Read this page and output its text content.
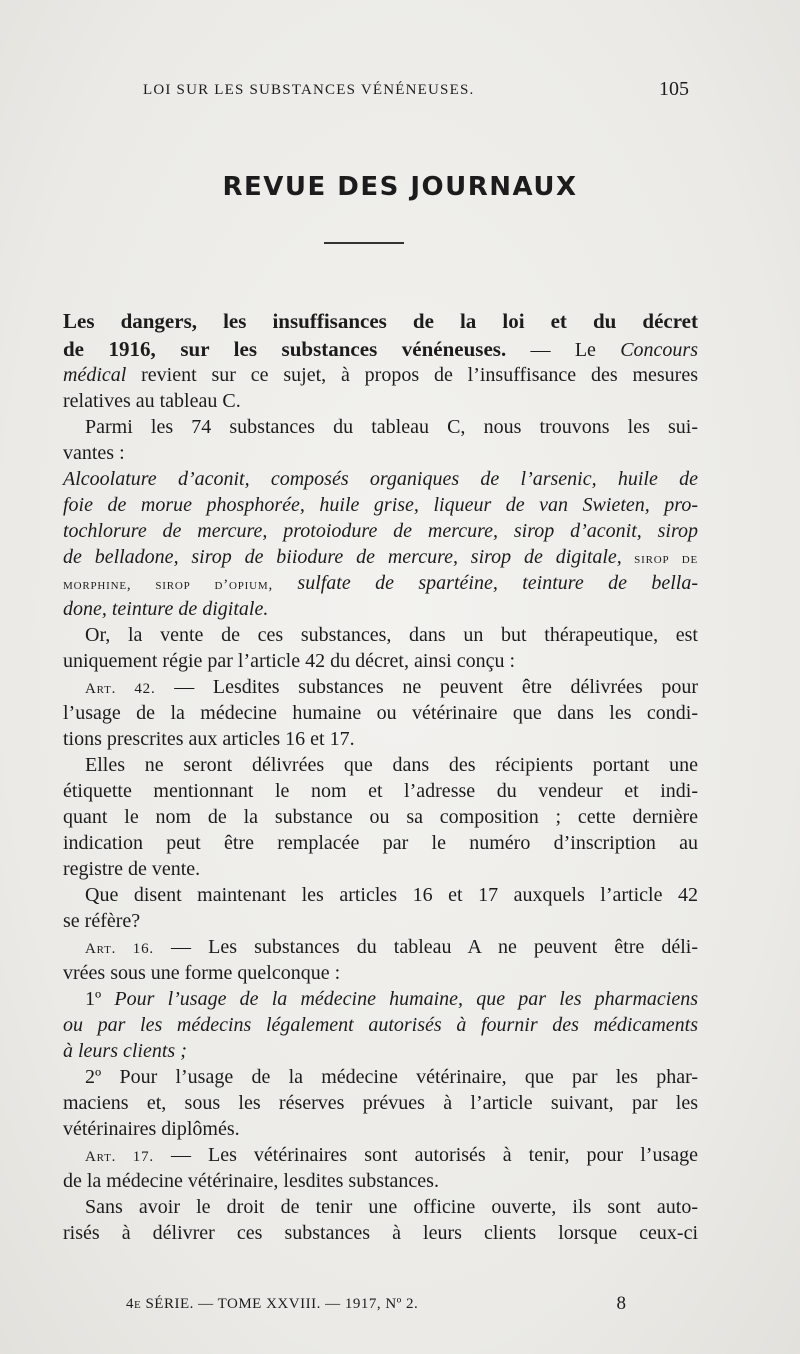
LOI SUR LES SUBSTANCES VÉNÉNEUSES.	105
REVUE DES JOURNAUX
Les dangers, les insuffisances de la loi et du décret
de 1916, sur les substances vénéneuses. — Le Concours
médical revient sur ce sujet, à propos de l’insuffisance des mesures
relatives au tableau C.
Parmi les 74 substances du tableau C, nous trouvons les sui-
vantes :
Alcoolature d’aconit, composés organiques de l’arsenic, huile de
foie de morue phosphorée, huile grise, liqueur de van Swieten, pro-
tochlorure de mercure, protoiodure de mercure, sirop d’aconit, sirop
de belladone, sirop de biiodure de mercure, sirop de digitale, sirop de
morphine, sirop d’opium, sulfate de spartéine, teinture de bella-
done, teinture de digitale.
Or, la vente de ces substances, dans un but thérapeutique, est
uniquement régie par l’article 42 du décret, ainsi conçu :
Art. 42. — Lesdites substances ne peuvent être délivrées pour
l’usage de la médecine humaine ou vétérinaire que dans les condi-
tions prescrites aux articles 16 et 17.
Elles ne seront délivrées que dans des récipients portant une
étiquette mentionnant le nom et l’adresse du vendeur et indi-
quant le nom de la substance ou sa composition ; cette dernière
indication peut être remplacée par le numéro d’inscription au
registre de vente.
Que disent maintenant les articles 16 et 17 auxquels l’article 42
se réfère?
Art. 16. — Les substances du tableau A ne peuvent être déli-
vrées sous une forme quelconque :
1º Pour l’usage de la médecine humaine, que par les pharmaciens
ou par les médecins légalement autorisés à fournir des médicaments
à leurs clients ;
2º Pour l’usage de la médecine vétérinaire, que par les phar-
maciens et, sous les réserves prévues à l’article suivant, par les
vétérinaires diplômés.
Art. 17. — Les vétérinaires sont autorisés à tenir, pour l’usage
de la médecine vétérinaire, lesdites substances.
Sans avoir le droit de tenir une officine ouverte, ils sont auto-
risés à délivrer ces substances à leurs clients lorsque ceux-ci
4e SÉRIE. — TOME XXVIII. — 1917, Nº 2.	8
